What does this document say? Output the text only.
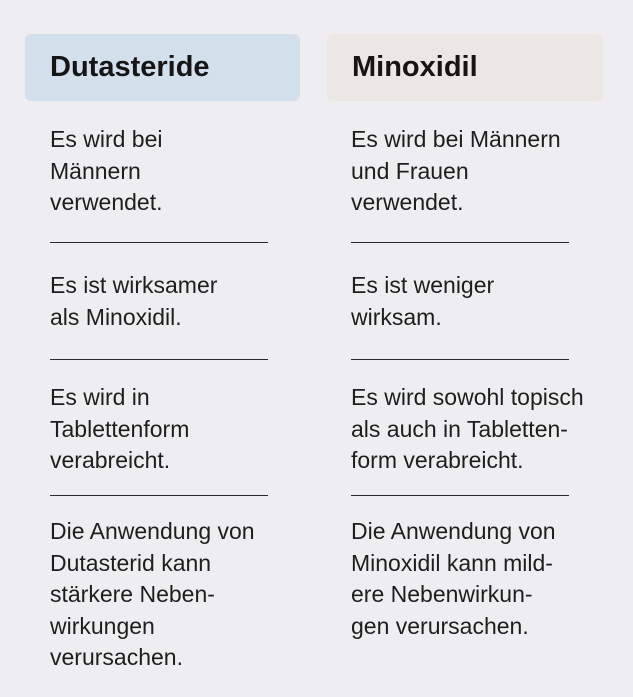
Dutasteride	Minoxidil
Es wird bei
Männern
verwendet.
Es ist wirksamer
als Minoxidil.
Es wird in
Tablettenform
verabreicht.
Die Anwendung von
Dutasterid kann
stärkere Neben-
wirkungen
verursachen.
Es wird bei Männern
und Frauen
verwendet.
Es ist weniger
wirksam.
Es wird sowohl topisch
als auch in Tabletten-
form verabreicht.
Die Anwendung von
Minoxidil kann mild-
ere Nebenwirkun-
gen verursachen.
